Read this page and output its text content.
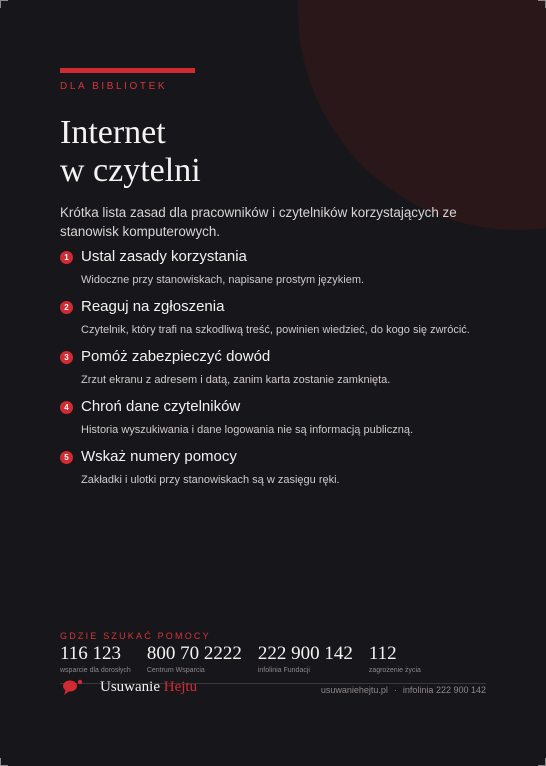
DLA BIBLIOTEK
Internet
w czytelni

Krótka lista zasad dla pracowników i czytelników korzystających ze stanowisk komputerowych.

1 Ustal zasady korzystania
Widoczne przy stanowiskach, napisane prostym językiem.
2 Reaguj na zgłoszenia
Czytelnik, który trafi na szkodliwą treść, powinien wiedzieć, do kogo się zwrócić.
3 Pomóż zabezpieczyć dowód
Zrzut ekranu z adresem i datą, zanim karta zostanie zamknięta.
4 Chroń dane czytelników
Historia wyszukiwania i dane logowania nie są informacją publiczną.
5 Wskaż numery pomocy
Zakładki i ulotki przy stanowiskach są w zasięgu ręki.
GDZIE SZUKAĆ POMOCY
116 123
wsparcie dla dorosłych
800 70 2222
Centrum Wsparcia
222 900 142
infolinia Fundacji
112
zagrożenie życia
Usuwanie Hejtu	usuwaniehejtu.pl · infolinia 222 900 142
